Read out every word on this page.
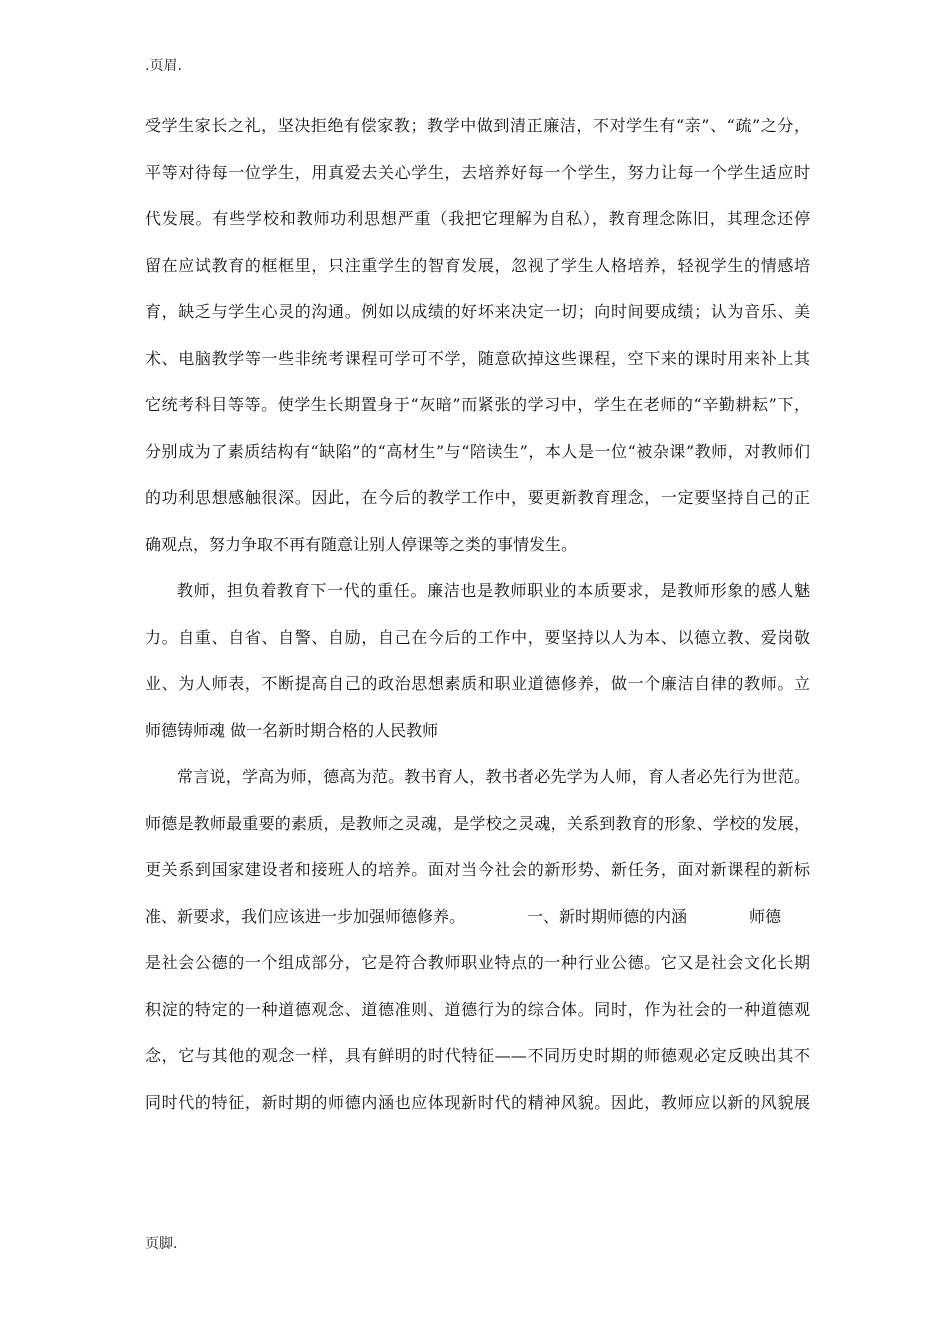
.页眉.
受学生家长之礼，坚决拒绝有偿家教；教学中做到清正廉洁，不对学生有“亲”、“疏”之分，
平等对待每一位学生，用真爱去关心学生，去培养好每一个学生，努力让每一个学生适应时
代发展。有些学校和教师功利思想严重（我把它理解为自私），教育理念陈旧，其理念还停
留在应试教育的框框里，只注重学生的智育发展，忽视了学生人格培养，轻视学生的情感培
育，缺乏与学生心灵的沟通。例如以成绩的好坏来决定一切；向时间要成绩；认为音乐、美
术、电脑教学等一些非统考课程可学可不学，随意砍掉这些课程，空下来的课时用来补上其
它统考科目等等。使学生长期置身于“灰暗”而紧张的学习中，学生在老师的“辛勤耕耘”下，
分别成为了素质结构有“缺陷”的“高材生”与“陪读生”，本人是一位“被杂课”教师，对教师们
的功利思想感触很深。因此，在今后的教学工作中，要更新教育理念，一定要坚持自己的正
确观点，努力争取不再有随意让别人停课等之类的事情发生。
教师，担负着教育下一代的重任。廉洁也是教师职业的本质要求，是教师形象的感人魅
力。自重、自省、自警、自励，自己在今后的工作中，要坚持以人为本、以德立教、爱岗敬
业、为人师表，不断提高自己的政治思想素质和职业道德修养，做一个廉洁自律的教师。立
师德铸师魂 做一名新时期合格的人民教师
常言说，学高为师，德高为范。教书育人，教书者必先学为人师，育人者必先行为世范。
师德是教师最重要的素质，是教师之灵魂，是学校之灵魂，关系到教育的形象、学校的发展，
更关系到国家建设者和接班人的培养。面对当今社会的新形势、新任务，面对新课程的新标
准、新要求，我们应该进一步加强师德修养。	一、新时期师德的内涵	师德
是社会公德的一个组成部分，它是符合教师职业特点的一种行业公德。它又是社会文化长期
积淀的特定的一种道德观念、道德准则、道德行为的综合体。同时，作为社会的一种道德观
念，它与其他的观念一样，具有鲜明的时代特征——不同历史时期的师德观必定反映出其不
同时代的特征，新时期的师德内涵也应体现新时代的精神风貌。因此，教师应以新的风貌展
页脚.
